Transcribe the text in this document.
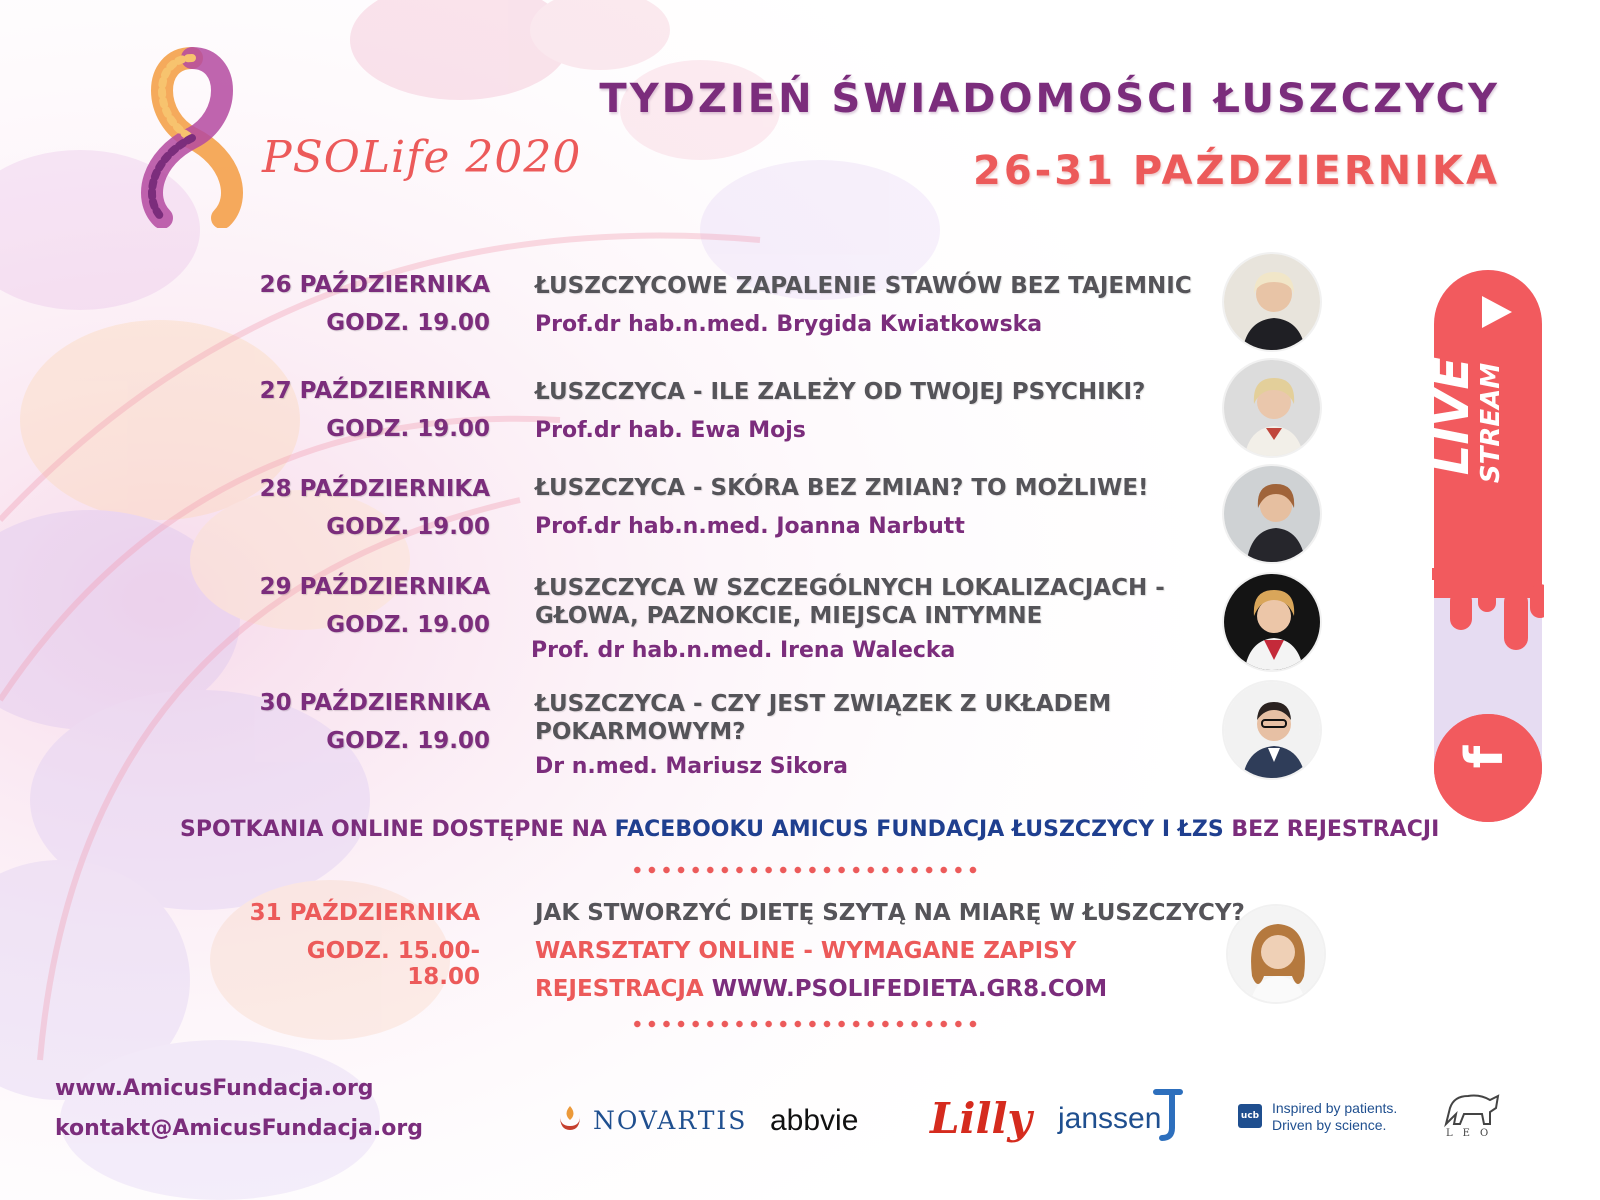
PSOLife 2020
TYDZIEŃ ŚWIADOMOŚCI ŁUSZCZYCY
26-31 PAŹDZIERNIKA
26 PAŹDZIERNIKA
GODZ. 19.00
ŁUSZCZYCOWE ZAPALENIE STAWÓW BEZ TAJEMNIC
Prof.dr hab.n.med. Brygida Kwiatkowska
27 PAŹDZIERNIKA
GODZ. 19.00
ŁUSZCZYCA - ILE ZALEŻY OD TWOJEJ PSYCHIKI?
Prof.dr hab. Ewa Mojs
28 PAŹDZIERNIKA
GODZ. 19.00
ŁUSZCZYCA - SKÓRA BEZ ZMIAN? TO MOŻLIWE!
Prof.dr hab.n.med. Joanna Narbutt
29 PAŹDZIERNIKA
GODZ. 19.00
ŁUSZCZYCA W SZCZEGÓLNYCH LOKALIZACJACH - GŁOWA, PAZNOKCIE, MIEJSCA INTYMNE
Prof. dr hab.n.med. Irena Walecka
30 PAŹDZIERNIKA
GODZ. 19.00
ŁUSZCZYCA - CZY JEST ZWIĄZEK Z UKŁADEM POKARMOWYM?
Dr n.med. Mariusz Sikora
LIVE
STREAM
f
SPOTKANIA ONLINE DOSTĘPNE NA FACEBOOKU AMICUS FUNDACJA ŁUSZCZYCY I ŁZS BEZ REJESTRACJI
31 PAŹDZIERNIKA
GODZ. 15.00-18.00
JAK STWORZYĆ DIETĘ SZYTĄ NA MIARĘ W ŁUSZCZYCY?
WARSZTATY ONLINE - WYMAGANE ZAPISY
REJESTRACJA WWW.PSOLIFEDIETA.GR8.COM
www.AmicusFundacja.org
kontakt@AmicusFundacja.org	NOVARTIS abbvie Lilly janssen	ucb Inspired by patients.
Driven by science.
LEO
